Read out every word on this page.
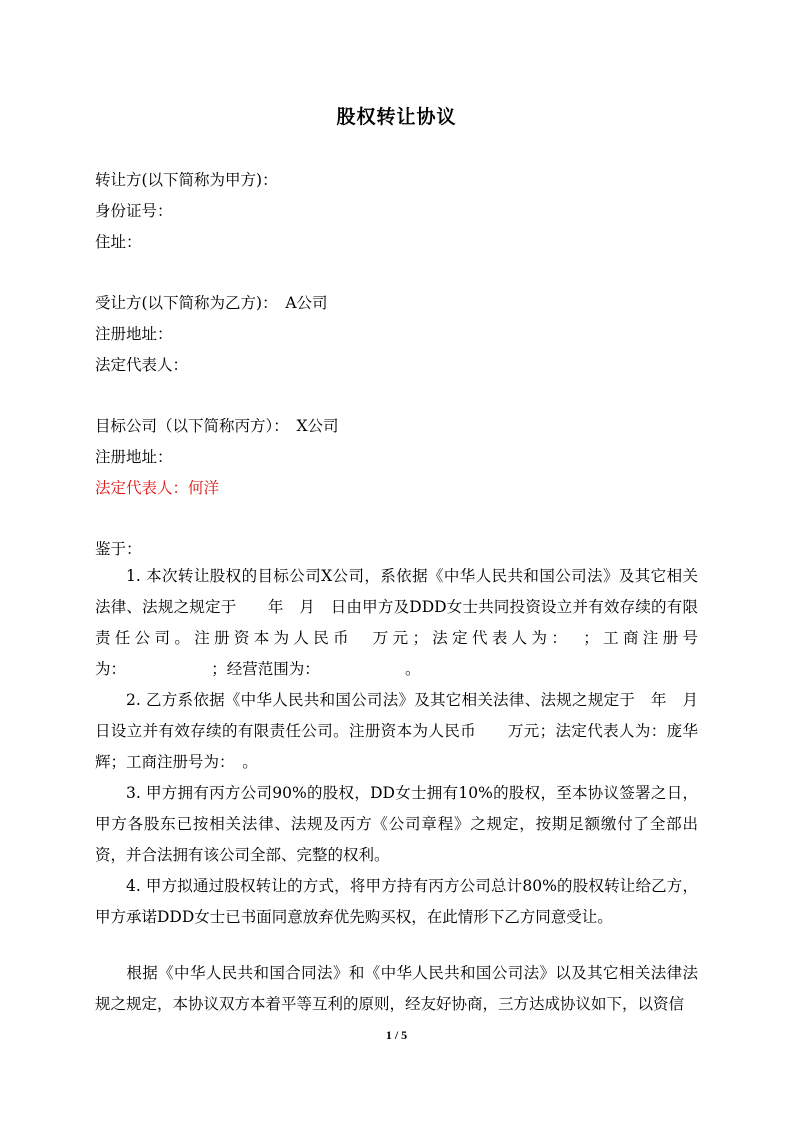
股权转让协议
转让方(以下简称为甲方)：
身份证号：
住址：
受让方(以下简称为乙方)：　A公司
注册地址：
法定代表人：
目标公司（以下简称丙方）：　X公司
注册地址：
法定代表人：何洋
鉴于：
1. 本次转让股权的目标公司X公司，系依据《中华人民共和国公司法》及其它相关法律、法规之规定于　　年　月　日由甲方及DDD女士共同投资设立并有效存续的有限责任公司。注册资本为人民币　万元；法定代表人为：　；工商注册号为：　　　　　　；经营范围为：　　　　　　。
2. 乙方系依据《中华人民共和国公司法》及其它相关法律、法规之规定于　年　月　日设立并有效存续的有限责任公司。注册资本为人民币　　万元；法定代表人为：庞华辉；工商注册号为：　。
3. 甲方拥有丙方公司90%的股权，DD女士拥有10%的股权，至本协议签署之日，甲方各股东已按相关法律、法规及丙方《公司章程》之规定，按期足额缴付了全部出资，并合法拥有该公司全部、完整的权利。
4. 甲方拟通过股权转让的方式，将甲方持有丙方公司总计80%的股权转让给乙方，甲方承诺DDD女士已书面同意放弃优先购买权，在此情形下乙方同意受让。
根据《中华人民共和国合同法》和《中华人民共和国公司法》以及其它相关法律法规之规定，本协议双方本着平等互利的原则，经友好协商，三方达成协议如下，以资信
1 / 5
